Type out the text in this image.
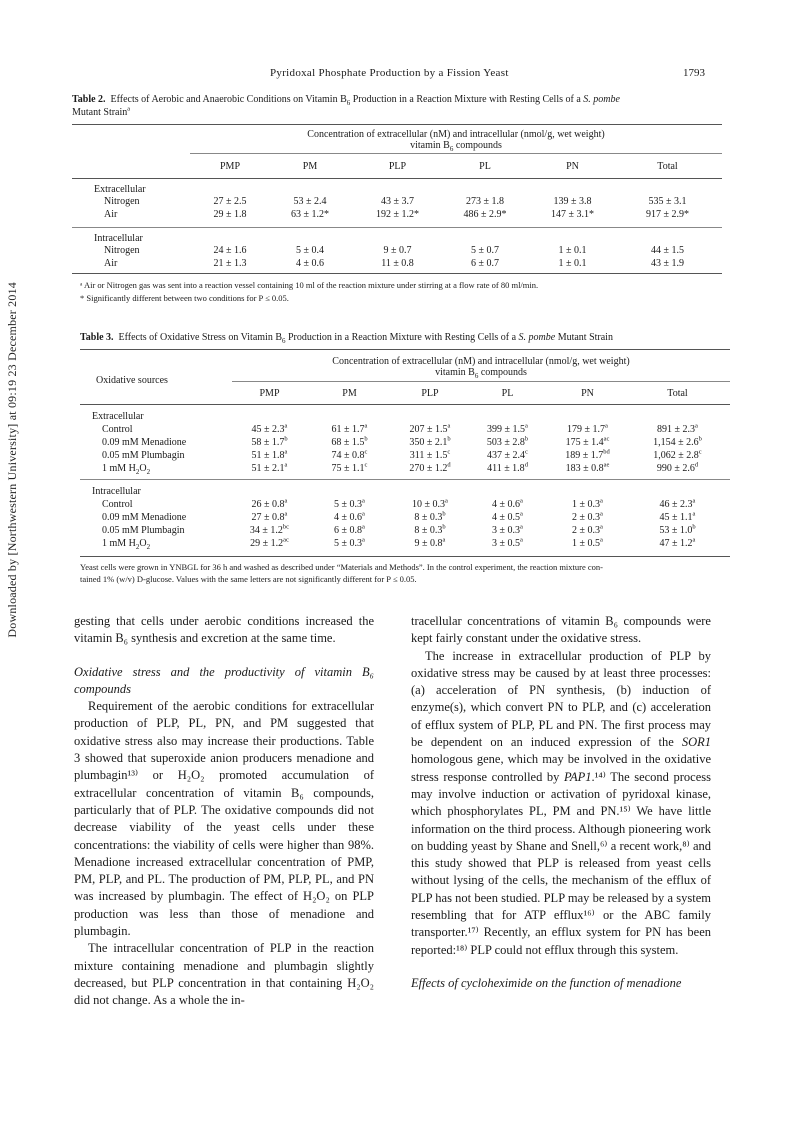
Downloaded by [Northwestern University] at 09:19 23 December 2014
Pyridoxal Phosphate Production by a Fission Yeast	1793
Table 2. Effects of Aerobic and Anaerobic Conditions on Vitamin $B_6$ Production in a Reaction Mixture with Resting Cells of a S. pombe
Mutant Strain$^a$
Concentration of extracellular (nM) and intracellular (nmol/g, wet weight)
vitamin $B_6$ compounds
PMP	PM	PLP	PL	PN	Total
Extracellular
Nitrogen	27 ± 2.5	53 ± 2.4	43 ± 3.7	273 ± 1.8	139 ± 3.8	535 ± 3.1
Air	29 ± 1.8	63 ± 1.2*	192 ± 1.2*	486 ± 2.9*	147 ± 3.1*	917 ± 2.9*
Intracellular
Nitrogen	24 ± 1.6	5 ± 0.4	9 ± 0.7	5 ± 0.7	1 ± 0.1	44 ± 1.5
Air	21 ± 1.3	4 ± 0.6	11 ± 0.8	6 ± 0.7	1 ± 0.1	43 ± 1.9
ᵃ Air or Nitrogen gas was sent into a reaction vessel containing 10 ml of the reaction mixture under stirring at a flow rate of 80 ml/min.
* Significantly different between two conditions for P ≤ 0.05.
Table 3. Effects of Oxidative Stress on Vitamin $B_6$ Production in a Reaction Mixture with Resting Cells of a S. pombe Mutant Strain
Concentration of extracellular (nM) and intracellular (nmol/g, wet weight)
vitamin $B_6$ compounds
Oxidative sources
PMP	PM	PLP	PL	PN	Total
Extracellular
Control	45 ± 2.3$^a$	61 ± 1.7$^a$	207 ± 1.5$^a$	399 ± 1.5$^a$	179 ± 1.7$^a$	891 ± 2.3$^a$
0.09 mM Menadione	58 ± 1.7$^b$	68 ± 1.5$^b$	350 ± 2.1$^b$	503 ± 2.8$^b$	175 ± 1.4$^{ac}$	1,154 ± 2.6$^b$
0.05 mM Plumbagin	51 ± 1.8$^a$	74 ± 0.8$^c$	311 ± 1.5$^c$	437 ± 2.4$^c$	189 ± 1.7$^{bd}$	1,062 ± 2.8$^c$
1 mM $H_2O_2$	51 ± 2.1$^a$	75 ± 1.1$^c$	270 ± 1.2$^d$	411 ± 1.8$^d$	183 ± 0.8$^{ae}$	990 ± 2.6$^d$
Intracellular
Control	26 ± 0.8$^a$	5 ± 0.3$^a$	10 ± 0.3$^a$	4 ± 0.6$^a$	1 ± 0.3$^a$	46 ± 2.3$^a$
0.09 mM Menadione	27 ± 0.8$^a$	4 ± 0.6$^a$	8 ± 0.3$^b$	4 ± 0.5$^a$	2 ± 0.3$^a$	45 ± 1.1$^a$
0.05 mM Plumbagin	34 ± 1.2$^{bc}$	6 ± 0.8$^a$	8 ± 0.3$^b$	3 ± 0.3$^a$	2 ± 0.3$^a$	53 ± 1.0$^b$
1 mM $H_2O_2$	29 ± 1.2$^{ac}$	5 ± 0.3$^a$	9 ± 0.8$^a$	3 ± 0.5$^a$	1 ± 0.5$^a$	47 ± 1.2$^a$
Yeast cells were grown in YNBGL for 36 h and washed as described under “Materials and Methods”. In the control experiment, the reaction mixture con-
tained 1% (w/v) D-glucose. Values with the same letters are not significantly different for P ≤ 0.05.

gesting that cells under aerobic conditions increased the vitamin B₆ synthesis and excretion at the same time.

Oxidative stress and the productivity of vitamin B₆ compounds

Requirement of the aerobic conditions for extracellular production of PLP, PL, PN, and PM suggested that oxidative stress also may increase their productions. Table 3 showed that superoxide anion producers menadione and plumbagin¹³⁾ or H₂O₂ promoted accumulation of extracellular concentration of vitamin B₆ compounds, particularly that of PLP. The oxidative compounds did not decrease viability of the yeast cells under these concentrations: the viability of cells were higher than 98%. Menadione increased extracellular concentration of PMP, PM, PLP, and PL. The production of PM, PLP, PL, and PN was increased by plumbagin. The effect of H₂O₂ on PLP production was less than those of menadione and plumbagin.

The intracellular concentration of PLP in the reaction mixture containing menadione and plumbagin slightly decreased, but PLP concentration in that containing H₂O₂ did not change. As a whole the in-

tracellular concentrations of vitamin B₆ compounds were kept fairly constant under the oxidative stress.

The increase in extracellular production of PLP by oxidative stress may be caused by at least three processes: (a) acceleration of PN synthesis, (b) induction of enzyme(s), which convert PN to PLP, and (c) acceleration of efflux system of PLP, PL and PN. The first process may be dependent on an induced expression of the SOR1 homologous gene, which may be involved in the oxidative stress response controlled by PAP1.¹⁴⁾ The second process may involve induction or activation of pyridoxal kinase, which phosphorylates PL, PM and PN.¹⁵⁾ We have little information on the third process. Although pioneering work on budding yeast by Shane and Snell,⁶⁾ a recent work,⁸⁾ and this study showed that PLP is released from yeast cells without lysing of the cells, the mechanism of the efflux of PLP has not been studied. PLP may be released by a system resembling that for ATP efflux¹⁶⁾ or the ABC family transporter.¹⁷⁾ Recently, an efflux system for PN has been reported:¹⁸⁾ PLP could not efflux through this system.

Effects of cycloheximide on the function of menadione
